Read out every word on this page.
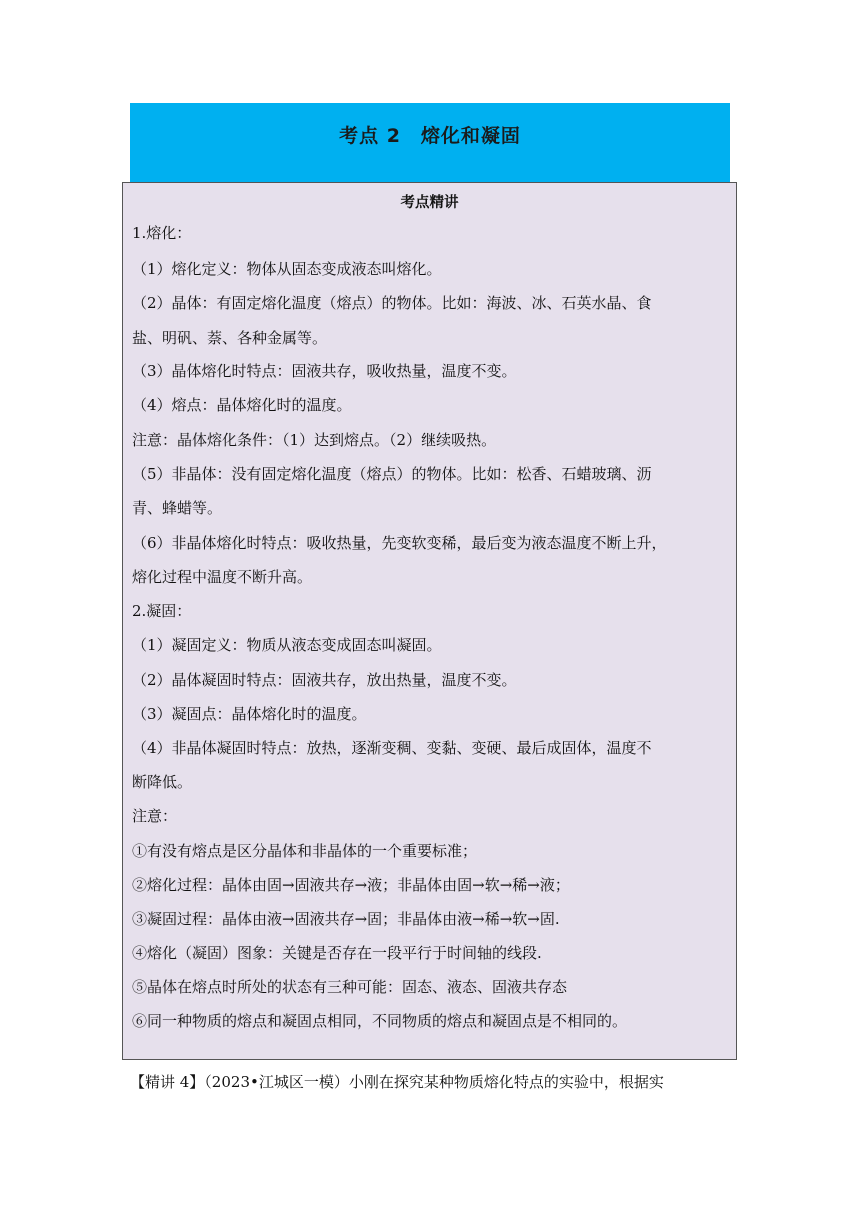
考点 2　熔化和凝固
考点精讲
1.熔化：
（1）熔化定义：物体从固态变成液态叫熔化。
（2）晶体：有固定熔化温度（熔点）的物体。比如：海波、冰、石英水晶、食
盐、明矾、萘、各种金属等。
（3）晶体熔化时特点：固液共存，吸收热量，温度不变。
（4）熔点：晶体熔化时的温度。
注意：晶体熔化条件：（1）达到熔点。（2）继续吸热。
（5）非晶体：没有固定熔化温度（熔点）的物体。比如：松香、石蜡玻璃、沥
青、蜂蜡等。
（6）非晶体熔化时特点：吸收热量，先变软变稀，最后变为液态温度不断上升，
熔化过程中温度不断升高。
2.凝固：
（1）凝固定义：物质从液态变成固态叫凝固。
（2）晶体凝固时特点：固液共存，放出热量，温度不变。
（3）凝固点：晶体熔化时的温度。
（4）非晶体凝固时特点：放热，逐渐变稠、变黏、变硬、最后成固体，温度不
断降低。
注意：
①有没有熔点是区分晶体和非晶体的一个重要标准；
②熔化过程：晶体由固→固液共存→液；非晶体由固→软→稀→液；
③凝固过程：晶体由液→固液共存→固；非晶体由液→稀→软→固.
④熔化（凝固）图象：关键是否存在一段平行于时间轴的线段.
⑤晶体在熔点时所处的状态有三种可能：固态、液态、固液共存态
⑥同一种物质的熔点和凝固点相同，不同物质的熔点和凝固点是不相同的。
【精讲 4】（2023•江城区一模）小刚在探究某种物质熔化特点的实验中，根据实
